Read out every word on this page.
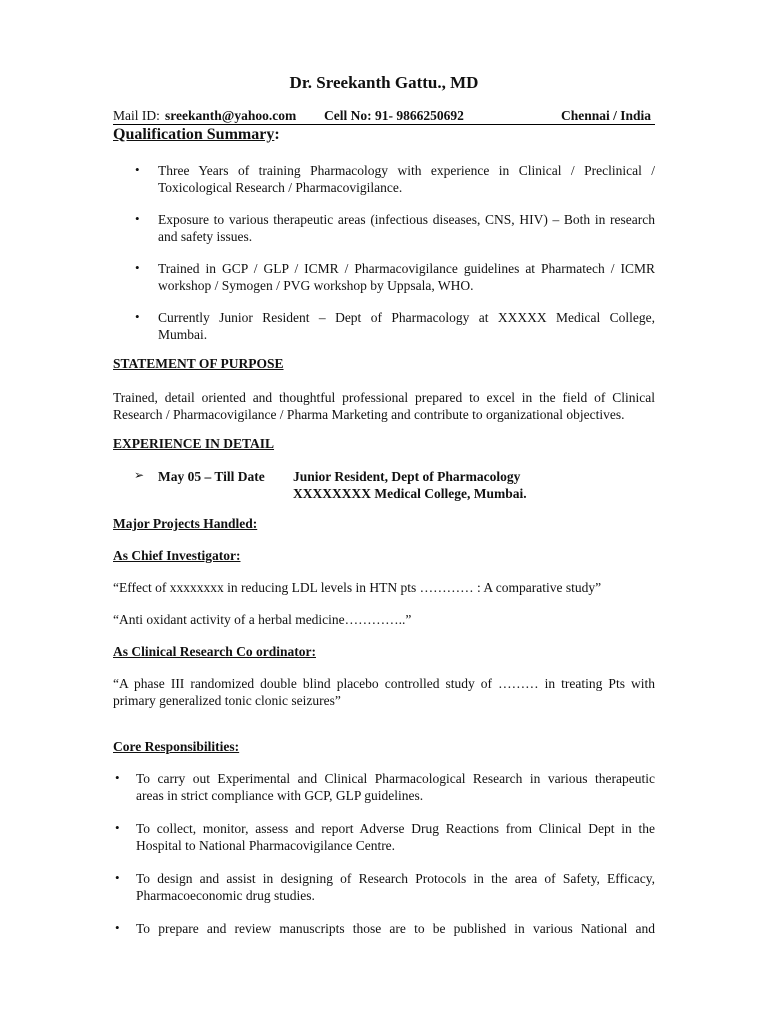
Dr. Sreekanth Gattu., MD
Mail ID: sreekanth@yahoo.com Cell No: 91- 9866250692	Chennai / India
Qualification Summary:
• Three Years of training Pharmacology with experience in Clinical / Preclinical /

Toxicological Research / Pharmacovigilance.

• Exposure to various therapeutic areas (infectious diseases, CNS, HIV) – Both in research

and safety issues.

• Trained in GCP / GLP / ICMR / Pharmacovigilance guidelines at Pharmatech / ICMR

workshop / Symogen / PVG workshop by Uppsala, WHO.

• Currently Junior Resident – Dept of Pharmacology at XXXXX Medical College,

Mumbai.

STATEMENT OF PURPOSE

Trained, detail oriented and thoughtful professional prepared to excel in the field of Clinical

Research / Pharmacovigilance / Pharma Marketing and contribute to organizational objectives.

EXPERIENCE IN DETAIL
➢ May 05 – Till Date Junior Resident, Dept of Pharmacology
XXXXXXXX Medical College, Mumbai.
Major Projects Handled:
As Chief Investigator:

“Effect of xxxxxxxx in reducing LDL levels in HTN pts ………… : A comparative study”

“Anti oxidant activity of a herbal medicine…………..”

As Clinical Research Co ordinator:

“A phase III randomized double blind placebo controlled study of ……… in treating Pts with

primary generalized tonic clonic seizures”

Core Responsibilities:
• To carry out Experimental and Clinical Pharmacological Research in various therapeutic

areas in strict compliance with GCP, GLP guidelines.

• To collect, monitor, assess and report Adverse Drug Reactions from Clinical Dept in the

Hospital to National Pharmacovigilance Centre.

• To design and assist in designing of Research Protocols in the area of Safety, Efficacy,

Pharmacoeconomic drug studies.

• To prepare and review manuscripts those are to be published in various National and
